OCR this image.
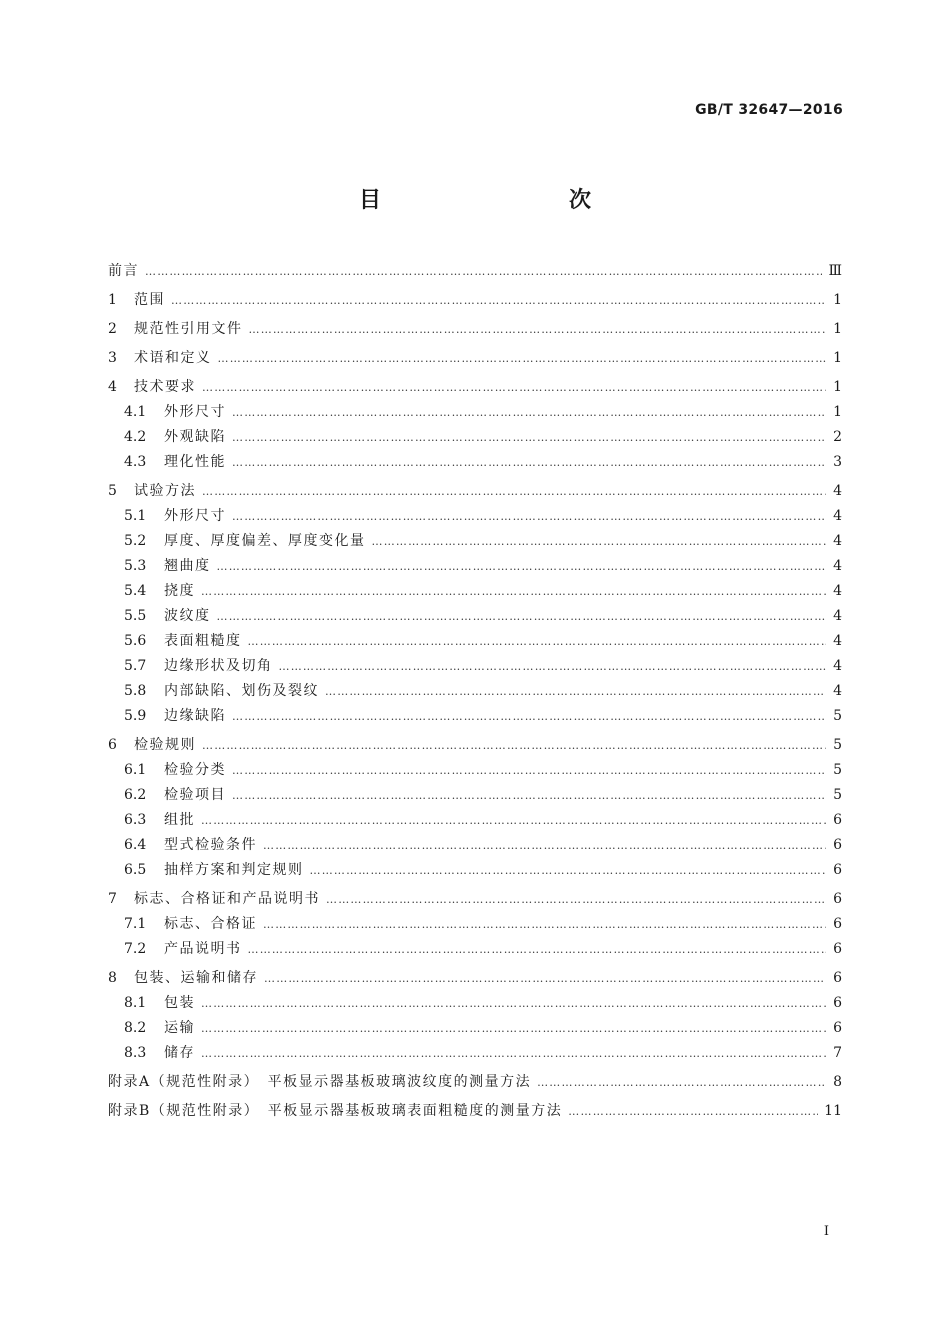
GB/T 32647—2016
目　　次
前言 …………………………………………………………………………………………………………………………………………………………………………………………………	Ⅲ
1	范围 …………………………………………………………………………………………………………………………………………………………………………………………………	1
2	规范性引用文件 …………………………………………………………………………………………………………………………………………………………………………………………………	1
3	术语和定义 …………………………………………………………………………………………………………………………………………………………………………………………………	1
4	技术要求 …………………………………………………………………………………………………………………………………………………………………………………………………	1
4.1	外形尺寸 …………………………………………………………………………………………………………………………………………………………………………………………………	1
4.2	外观缺陷 …………………………………………………………………………………………………………………………………………………………………………………………………	2
4.3	理化性能 …………………………………………………………………………………………………………………………………………………………………………………………………	3
5	试验方法 …………………………………………………………………………………………………………………………………………………………………………………………………	4
5.1	外形尺寸 …………………………………………………………………………………………………………………………………………………………………………………………………	4
5.2	厚度、厚度偏差、厚度变化量 …………………………………………………………………………………………………………………………………………………………………………………………………	4
5.3	翘曲度 …………………………………………………………………………………………………………………………………………………………………………………………………	4
5.4	挠度 …………………………………………………………………………………………………………………………………………………………………………………………………	4
5.5	波纹度 …………………………………………………………………………………………………………………………………………………………………………………………………	4
5.6	表面粗糙度 …………………………………………………………………………………………………………………………………………………………………………………………………	4
5.7	边缘形状及切角 …………………………………………………………………………………………………………………………………………………………………………………………………	4
5.8	内部缺陷、划伤及裂纹 …………………………………………………………………………………………………………………………………………………………………………………………………	4
5.9	边缘缺陷 …………………………………………………………………………………………………………………………………………………………………………………………………	5
6	检验规则 …………………………………………………………………………………………………………………………………………………………………………………………………	5
6.1	检验分类 …………………………………………………………………………………………………………………………………………………………………………………………………	5
6.2	检验项目 …………………………………………………………………………………………………………………………………………………………………………………………………	5
6.3	组批 …………………………………………………………………………………………………………………………………………………………………………………………………	6
6.4	型式检验条件 …………………………………………………………………………………………………………………………………………………………………………………………………	6
6.5	抽样方案和判定规则 …………………………………………………………………………………………………………………………………………………………………………………………………	6
7	标志、合格证和产品说明书 …………………………………………………………………………………………………………………………………………………………………………………………………	6
7.1	标志、合格证 …………………………………………………………………………………………………………………………………………………………………………………………………	6
7.2	产品说明书 …………………………………………………………………………………………………………………………………………………………………………………………………	6
8	包装、运输和储存 …………………………………………………………………………………………………………………………………………………………………………………………………	6
8.1	包装 …………………………………………………………………………………………………………………………………………………………………………………………………	6
8.2	运输 …………………………………………………………………………………………………………………………………………………………………………………………………	6
8.3	储存 …………………………………………………………………………………………………………………………………………………………………………………………………	7
附录A（规范性附录）　平板显示器基板玻璃波纹度的测量方法 …………………………………………………………………………………………………………………………………………………………………………………………………	8
附录B（规范性附录）　平板显示器基板玻璃表面粗糙度的测量方法 …………………………………………………………………………………………………………………………………………………………………………………………………	11
Ⅰ
